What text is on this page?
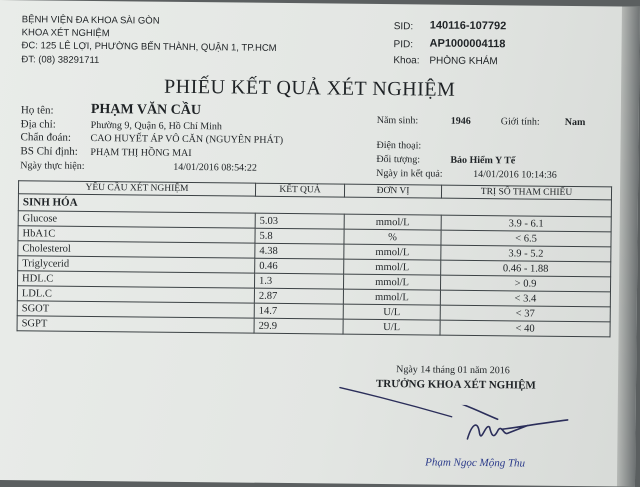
BỆNH VIỆN ĐA KHOA SÀI GÒN
KHOA XÉT NGHIỆM
ĐC: 125 LÊ LỢI, PHƯỜNG BẾN THÀNH, QUẬN 1, TP.HCM
ĐT: (08) 38291711
SID: 140116-107792
PID: AP1000004118
Khoa: PHÒNG KHÁM
PHIẾU KẾT QUẢ XÉT NGHIỆM
Họ tên:	PHẠM VĂN CẦU
Địa chỉ:	Phường 9, Quận 6, Hồ Chí Minh
Chẩn đoán: CAO HUYẾT ÁP VÔ CĂN (NGUYÊN PHÁT)
BS Chỉ định: PHẠM THỊ HỒNG MAI
Ngày thực hiện:	14/01/2016 08:54:22
Năm sinh:	1946	Giới tính: Nam
Điện thoại:
Đối tượng:	Bảo Hiểm Y Tế
Ngày in kết quả:	14/01/2016 10:14:36
YÊU CẦU XÉT NGHIỆM	KẾT QUẢ	ĐƠN VỊ	TRỊ SỐ THAM CHIẾU
SINH HÓA			
Glucose	5.03	mmol/L	3.9 - 6.1
HbA1C	5.8	%	< 6.5
Cholesterol	4.38	mmol/L	3.9 - 5.2
Triglycerid	0.46	mmol/L	0.46 - 1.88
HDL.C	1.3	mmol/L	> 0.9
LDL.C	2.87	mmol/L	< 3.4
SGOT	14.7	U/L	< 37
SGPT	29.9	U/L	< 40
Ngày 14 tháng 01 năm 2016
TRƯỞNG KHOA XÉT NGHIỆM
Phạm Ngọc Mộng Thu
